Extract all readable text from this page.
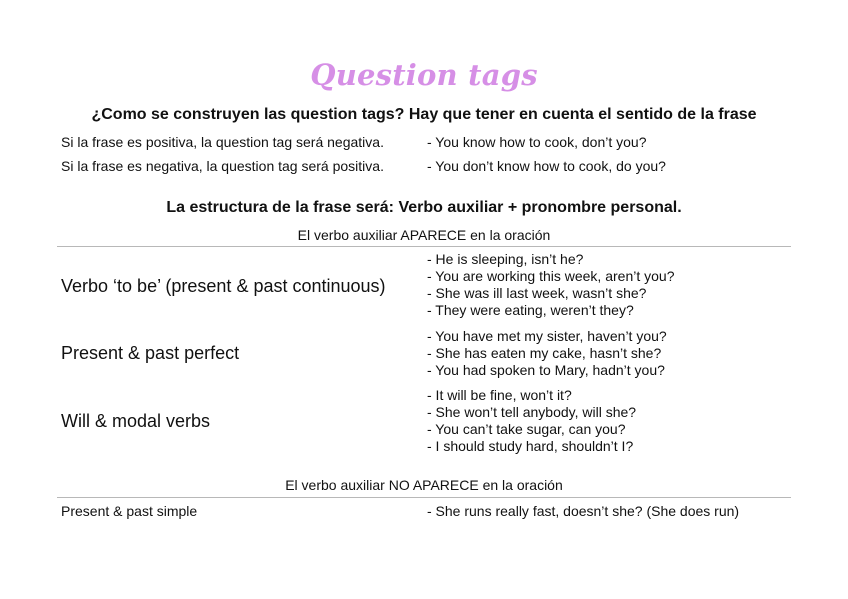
Question tags
¿Como se construyen las question tags? Hay que tener en cuenta el sentido de la frase
Si la frase es positiva, la question tag será negativa.	- You know how to cook, don’t you?
Si la frase es negativa, la question tag será positiva.	- You don’t know how to cook, do you?
La estructura de la frase será: Verbo auxiliar + pronombre personal.
El verbo auxiliar APARECE en la oración
Verbo ‘to be’ (present & past continuous)
- He is sleeping, isn’t he?
- You are working this week, aren’t you?
- She was ill last week, wasn’t she?
- They were eating, weren’t they?
Present & past perfect
- You have met my sister, haven’t you?
- She has eaten my cake, hasn’t she?
- You had spoken to Mary, hadn’t you?
Will & modal verbs
- It will be fine, won’t it?
- She won’t tell anybody, will she?
- You can’t take sugar, can you?
- I should study hard, shouldn’t I?
El verbo auxiliar NO APARECE en la oración
Present & past simple	- She runs really fast, doesn’t she? (She does run)
